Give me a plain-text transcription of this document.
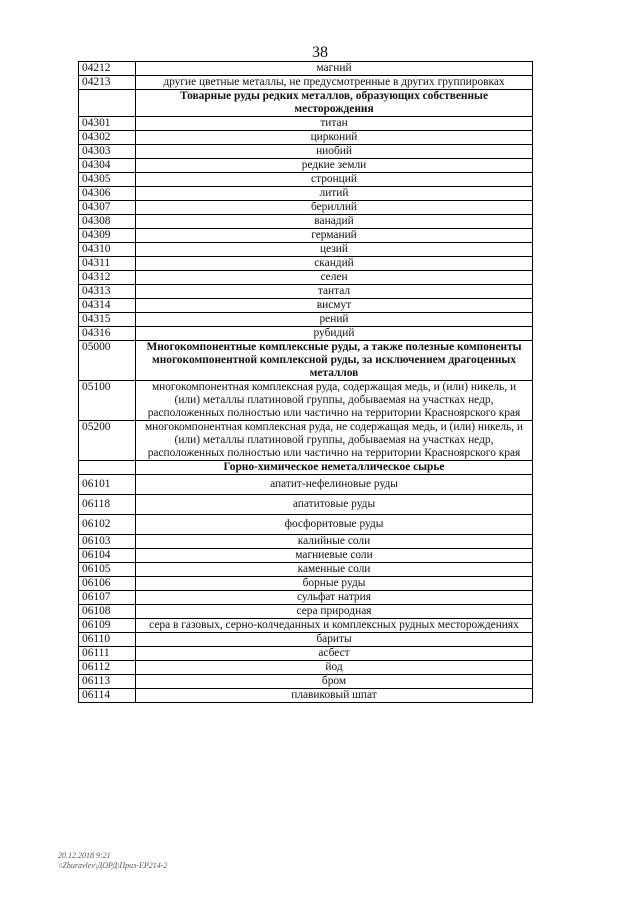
38
04212	магний
04213	другие цветные металлы, не предусмотренные в других группировках
	Товарные руды редких металлов, образующих собственные месторождения
04301	титан
04302	цирконий
04303	ниобий
04304	редкие земли
04305	стронций
04306	литий
04307	бериллий
04308	ванадий
04309	германий
04310	цезий
04311	скандий
04312	селен
04313	тантал
04314	висмут
04315	рений
04316	рубидий
05000	Многокомпонентные комплексные руды, а также полезные компоненты многокомпонентной комплексной руды, за исключением драгоценных металлов
05100	многокомпонентная комплексная руда, содержащая медь, и (или) никель, и (или) металлы платиновой группы, добываемая на участках недр, расположенных полностью или частично на территории Красноярского края
05200	многокомпонентная комплексная руда, не содержащая медь, и (или) никель, и (или) металлы платиновой группы, добываемая на участках недр, расположенных полностью или частично на территории Красноярского края
	Горно-химическое неметаллическое сырье
06101	апатит-нефелиновые руды
06118	апатитовые руды
06102	фосфоритовые руды
06103	калийные соли
06104	магниевые соли
06105	каменные соли
06106	борные руды
06107	сульфат натрия
06108	сера природная
06109	сера в газовых, серно-колчеданных и комплексных рудных месторождениях
06110	бариты
06111	асбест
06112	йод
06113	бром
06114	плавиковый шпат
20.12.2018 9:21
\\Zhuravlev\ДОРД\Приз-ЕР214-2
